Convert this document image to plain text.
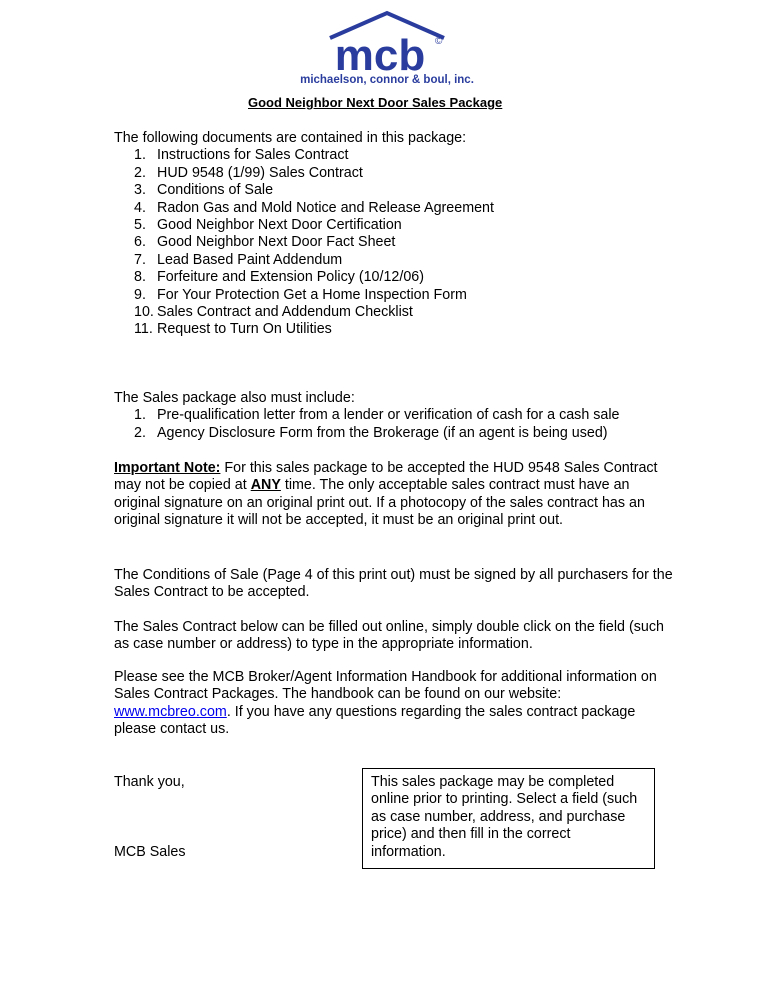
mcb ©
michaelson, connor & boul, inc.
Good Neighbor Next Door Sales Package

The following documents are contained in this package:

1. Instructions for Sales Contract
2. HUD 9548 (1/99) Sales Contract
3. Conditions of Sale
4. Radon Gas and Mold Notice and Release Agreement
5. Good Neighbor Next Door Certification
6. Good Neighbor Next Door Fact Sheet
7. Lead Based Paint Addendum
8. Forfeiture and Extension Policy (10/12/06)
9. For Your Protection Get a Home Inspection Form
10. Sales Contract and Addendum Checklist
11. Request to Turn On Utilities

The Sales package also must include:

1. Pre-qualification letter from a lender or verification of cash for a cash sale
2. Agency Disclosure Form from the Brokerage (if an agent is being used)

Important Note: For this sales package to be accepted the HUD 9548 Sales Contract may not be copied at ANY time. The only acceptable sales contract must have an original signature on an original print out. If a photocopy of the sales contract has an original signature it will not be accepted, it must be an original print out.

The Conditions of Sale (Page 4 of this print out) must be signed by all purchasers for the Sales Contract to be accepted.
The Sales Contract below can be filled out online, simply double click on the field (such as case number or address) to type in the appropriate information.

Please see the MCB Broker/Agent Information Handbook for additional information on Sales Contract Packages. The handbook can be found on our website: www.mcbreo.com. If you have any questions regarding the sales contract package please contact us.

Thank you,
MCB Sales
This sales package may be completed online prior to printing. Select a field (such as case number, address, and purchase price) and then fill in the correct information.
